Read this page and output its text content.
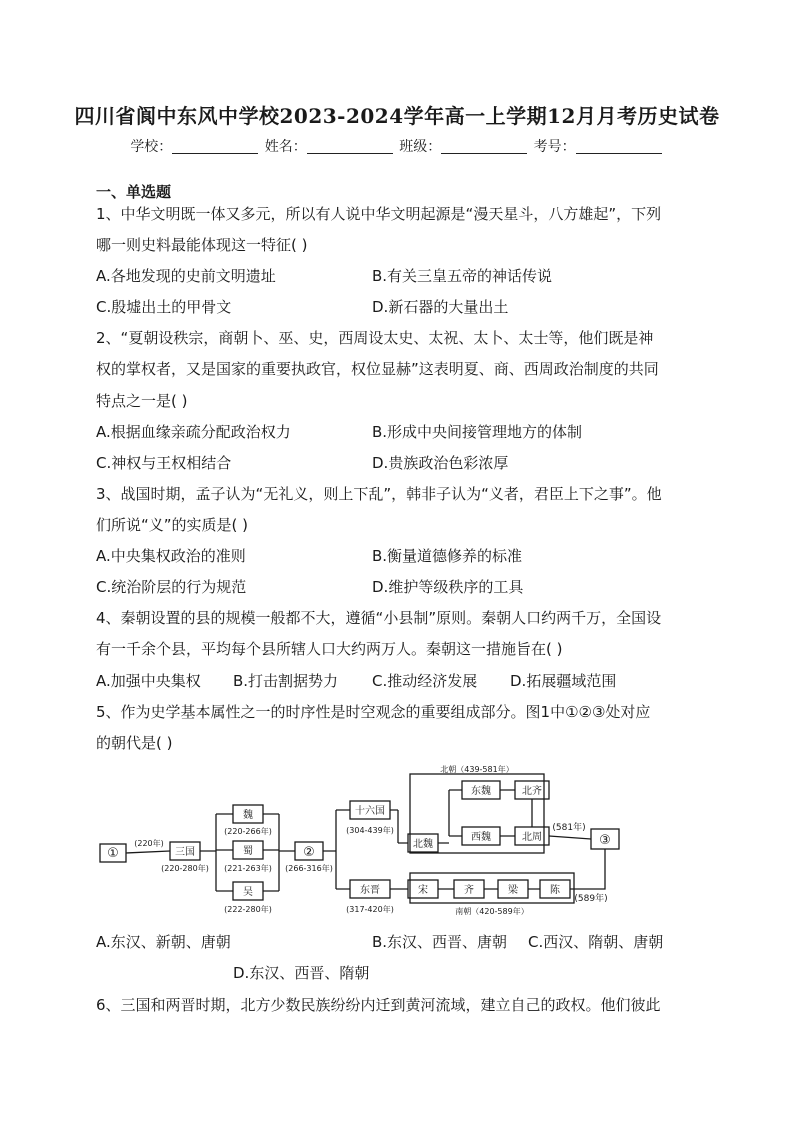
四川省阆中东风中学校2023-2024学年高一上学期12月月考历史试卷
学校：	姓名：	班级：	考号：
一、单选题
1、中华文明既一体又多元，所以有人说中华文明起源是“漫天星斗，八方雄起”，下列
哪一则史料最能体现这一特征( )
A.各地发现的史前文明遗址	B.有关三皇五帝的神话传说
C.殷墟出土的甲骨文	D.新石器的大量出土
2、“夏朝设秩宗，商朝卜、巫、史，西周设太史、太祝、太卜、太士等，他们既是神
权的掌权者，又是国家的重要执政官，权位显赫”这表明夏、商、西周政治制度的共同
特点之一是( )
A.根据血缘亲疏分配政治权力	B.形成中央间接管理地方的体制
C.神权与王权相结合	D.贵族政治色彩浓厚
3、战国时期，孟子认为“无礼义，则上下乱”，韩非子认为“义者，君臣上下之事”。他
们所说“义”的实质是( )
A.中央集权政治的准则	B.衡量道德修养的标准
C.统治阶层的行为规范	D.维护等级秩序的工具
4、秦朝设置的县的规模一般都不大，遵循“小县制”原则。秦朝人口约两千万，全国设
有一千余个县，平均每个县所辖人口大约两万人。秦朝这一措施旨在( )
A.加强中央集权 B.打击割据势力 C.推动经济发展 D.拓展疆域范围
5、作为史学基本属性之一的时序性是时空观念的重要组成部分。图1中①②③处对应
的朝代是( )
①
(220年)
三国
(220-280年)
魏
(220-266年)
蜀
(221-263年)
吴
(222-280年)
②
(266-316年)
十六国
(304-439年)
北魏
北朝（439-581年）
东魏	北齐
西魏	北周
(581年)
③
东晋
(317-420年)
宋	齐	梁	陈
(589年)
南朝（420-589年）
A.东汉、新朝、唐朝	B.东汉、西晋、唐朝 C.西汉、隋朝、唐朝
D.东汉、西晋、隋朝
6、三国和两晋时期，北方少数民族纷纷内迁到黄河流域，建立自己的政权。他们彼此
